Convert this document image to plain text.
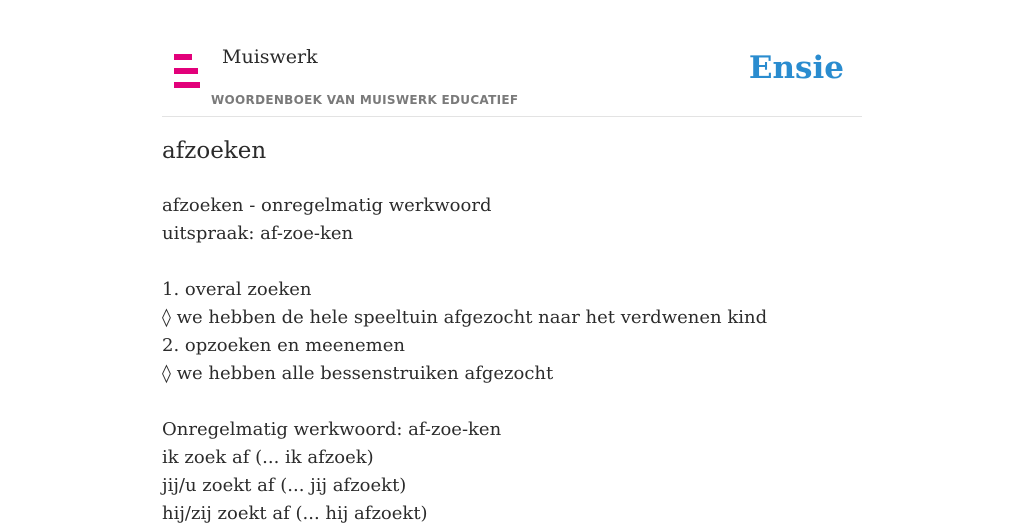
Muiswerk
WOORDENBOEK VAN MUISWERK EDUCATIEF
Ensie
afzoeken
afzoeken - onregelmatig werkwoord
uitspraak: af-zoe-ken
1. overal zoeken
◊ we hebben de hele speeltuin afgezocht naar het verdwenen kind
2. opzoeken en meenemen
◊ we hebben alle bessenstruiken afgezocht
Onregelmatig werkwoord: af-zoe-ken
ik zoek af (... ik afzoek)
jij/u zoekt af (... jij afzoekt)
hij/zij zoekt af (... hij afzoekt)
